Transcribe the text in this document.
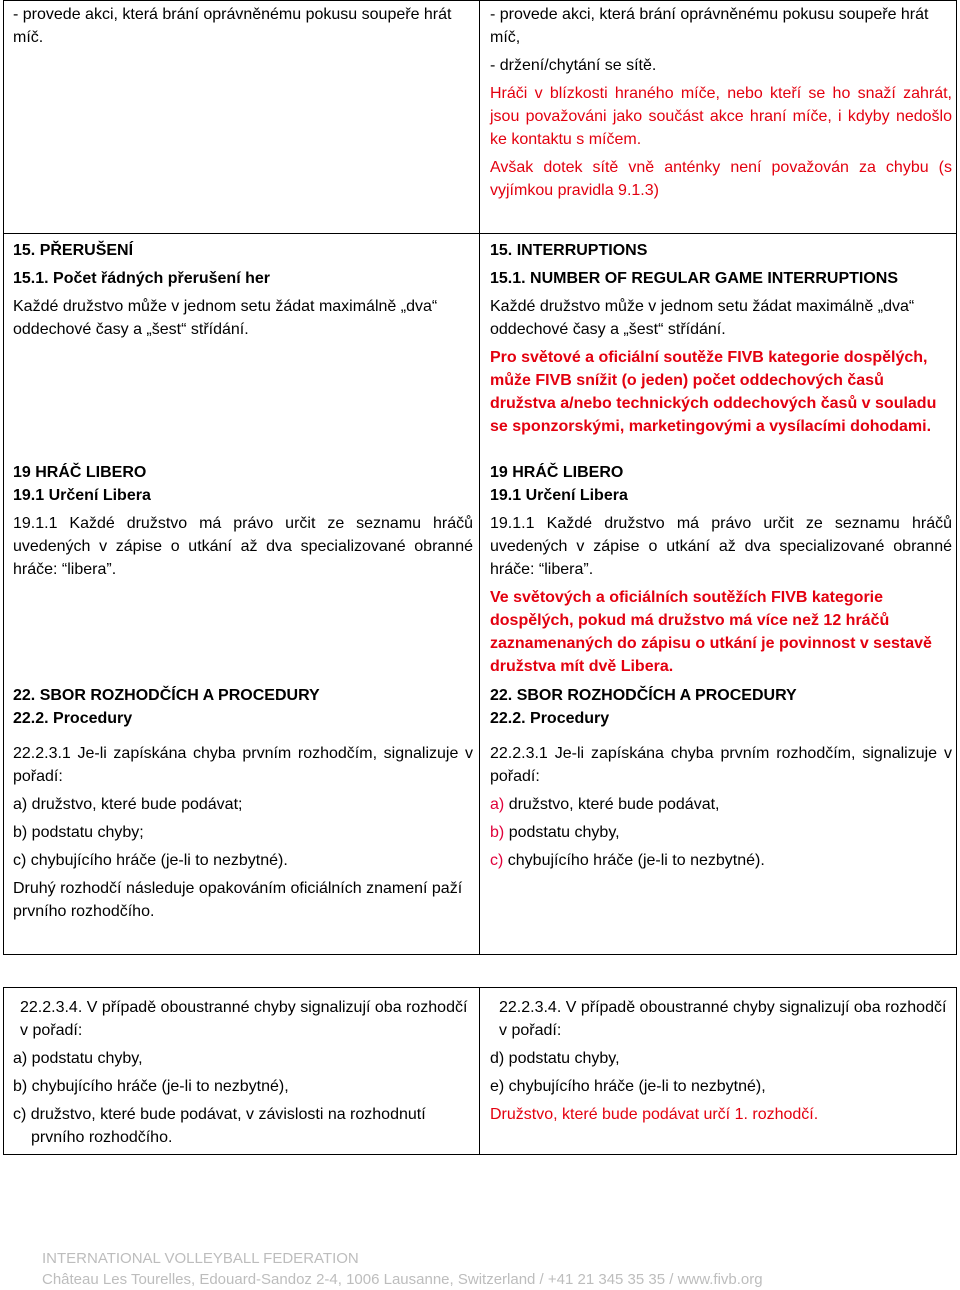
- provede akci, která brání oprávněnému pokusu soupeře hrát míč.

- provede akci, která brání oprávněnému pokusu soupeře hrát míč,

- držení/chytání se sítě.

Hráči v blízkosti hraného míče, nebo kteří se ho snaží zahrát, jsou považováni jako součást akce hraní míče, i kdyby nedošlo ke kontaktu s míčem.

Avšak dotek sítě vně anténky není považován za chybu (s vyjímkou pravidla 9.1.3)

15. PŘERUŠENÍ

15.1. Počet řádných přerušení her

Každé družstvo může v jednom setu žádat maximálně „dva“ oddechové časy a „šest“ střídání.

15. INTERRUPTIONS

15.1. NUMBER OF REGULAR GAME INTERRUPTIONS

Každé družstvo může v jednom setu žádat maximálně „dva“ oddechové časy a „šest“ střídání.

Pro světové a oficiální soutěže FIVB kategorie dospělých, může FIVB snížit (o jeden) počet oddechových časů družstva a/nebo technických oddechových časů v souladu se sponzorskými, marketingovými a vysílacími dohodami.

19 HRÁČ LIBERO

19.1 Určení Libera

19.1.1 Každé družstvo má právo určit ze seznamu hráčů uvedených v zápise o utkání až dva specializované obranné hráče: “libera”.

19 HRÁČ LIBERO

19.1 Určení Libera

19.1.1 Každé družstvo má právo určit ze seznamu hráčů uvedených v zápise o utkání až dva specializované obranné hráče: “libera”.

Ve světových a oficiálních soutěžích FIVB kategorie dospělých, pokud má družstvo má více než 12 hráčů zaznamenaných do zápisu o utkání je povinnost v sestavě družstva mít dvě Libera.

22. SBOR ROZHODČÍCH A PROCEDURY

22.2. Procedury

22.2.3.1 Je-li zapískána chyba prvním rozhodčím, signalizuje v pořadí:

a) družstvo, které bude podávat;

b) podstatu chyby;

c) chybujícího hráče (je-li to nezbytné).

Druhý rozhodčí následuje opakováním oficiálních znamení paží prvního rozhodčího.

22. SBOR ROZHODČÍCH A PROCEDURY

22.2. Procedury

22.2.3.1 Je-li zapískána chyba prvním rozhodčím, signalizuje v pořadí:

a) družstvo, které bude podávat,

b) podstatu chyby,

c) chybujícího hráče (je-li to nezbytné).

22.2.3.4. V případě oboustranné chyby signalizují oba rozhodčí v pořadí:

a) podstatu chyby,

b) chybujícího hráče (je-li to nezbytné),

c) družstvo, které bude podávat, v závislosti na rozhodnutí prvního rozhodčího.

22.2.3.4. V případě oboustranné chyby signalizují oba rozhodčí v pořadí:

d) podstatu chyby,

e) chybujícího hráče (je-li to nezbytné),

Družstvo, které bude podávat určí 1. rozhodčí.

INTERNATIONAL VOLLEYBALL FEDERATION
Château Les Tourelles, Edouard-Sandoz 2-4, 1006 Lausanne, Switzerland / +41 21 345 35 35 / www.fivb.org
